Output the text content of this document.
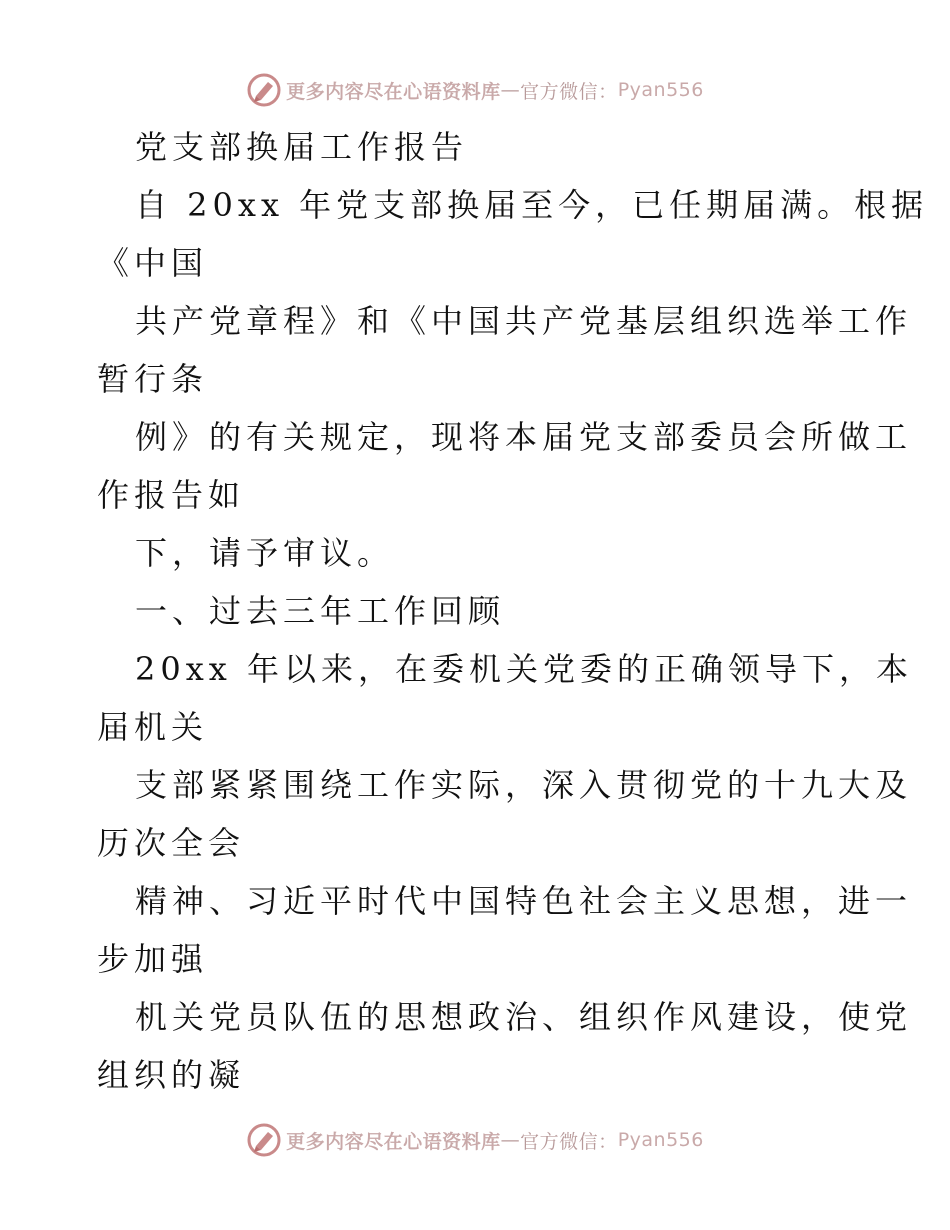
更多内容尽在心语资料库 — 官方微信： Pyan556
党支部换届工作报告
自 20xx 年党支部换届至今，已任期届满。根据
《中国
共产党章程》和《中国共产党基层组织选举工作
暂行条
例》的有关规定，现将本届党支部委员会所做工
作报告如
下，请予审议。
一、过去三年工作回顾
20xx 年以来，在委机关党委的正确领导下，本
届机关
支部紧紧围绕工作实际，深入贯彻党的十九大及
历次全会
精神、习近平时代中国特色社会主义思想，进一
步加强
机关党员队伍的思想政治、组织作风建设，使党
组织的凝
更多内容尽在心语资料库 — 官方微信： Pyan556
